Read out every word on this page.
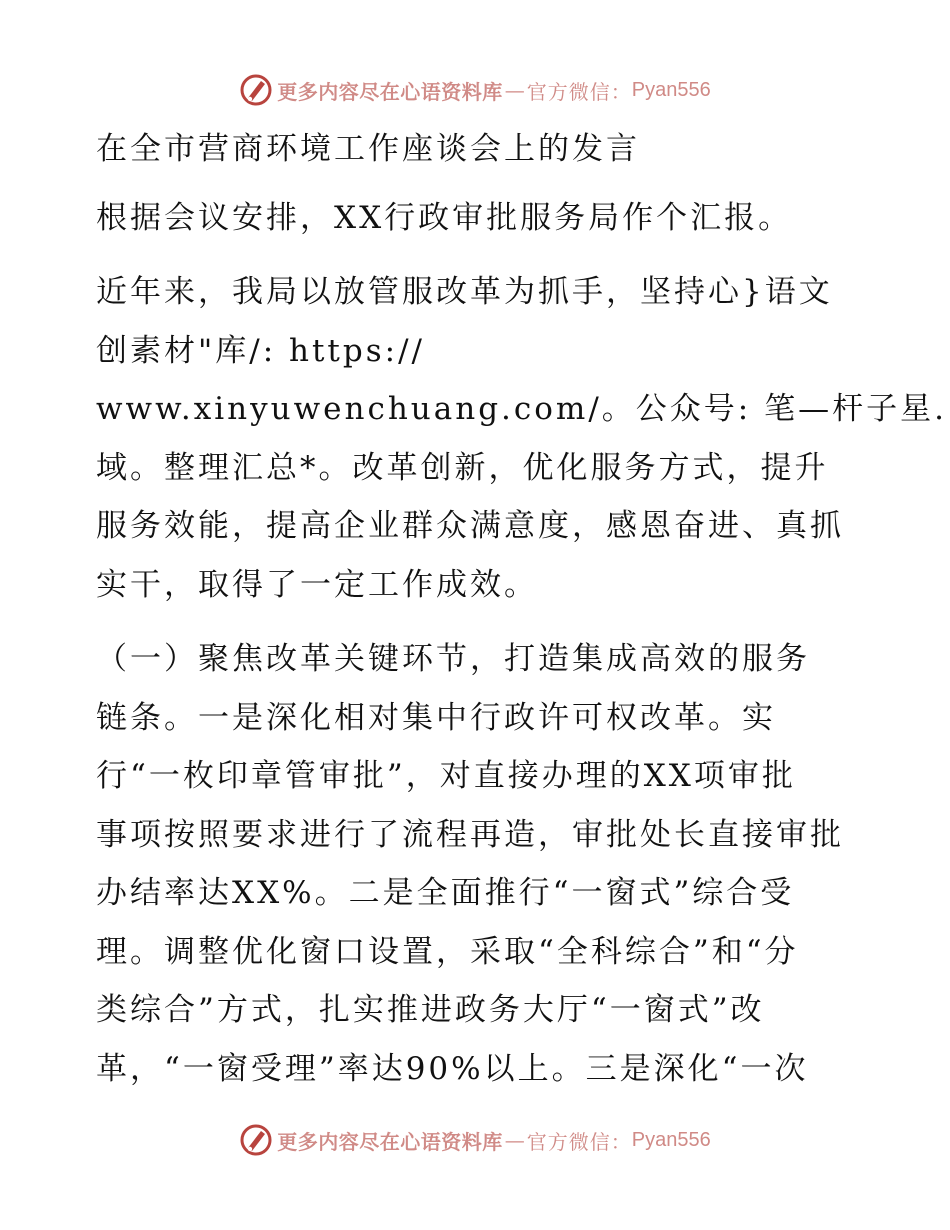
更多内容尽在心语资料库 — 官方微信： Pyan556
在全市营商环境工作座谈会上的发言
根据会议安排，XX行政审批服务局作个汇报。
近年来，我局以放管服改革为抓手，坚持心}语文
创素材"库/: https://
www.xinyuwenchuang.com/。公众号: 笔—杆子星.
域。整理汇总*。改革创新，优化服务方式，提升
服务效能，提高企业群众满意度，感恩奋进、真抓
实干，取得了一定工作成效。
（一）聚焦改革关键环节，打造集成高效的服务
链条。一是深化相对集中行政许可权改革。实
行“一枚印章管审批”，对直接办理的XX项审批
事项按照要求进行了流程再造，审批处长直接审批
办结率达XX%。二是全面推行“一窗式”综合受
理。调整优化窗口设置，采取“全科综合”和“分
类综合”方式，扎实推进政务大厅“一窗式”改
革，“一窗受理”率达90%以上。三是深化“一次
更多内容尽在心语资料库 — 官方微信： Pyan556
